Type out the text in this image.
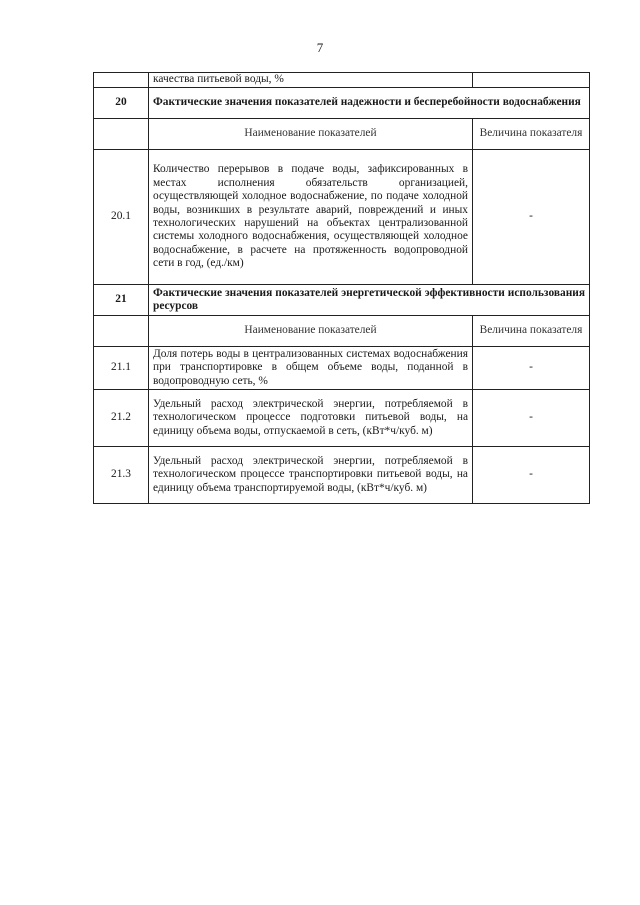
7
	качества питьевой воды, %	
20	Фактические значения показателей надежности и бесперебойности водоснабжения	
	Наименование показателей	Величина показателя
20.1	Количество перерывов в подаче воды, зафиксированных в местах исполнения обязательств организацией, осуществляющей холодное водоснабжение, по подаче холодной воды, возникших в результате аварий, повреждений и иных технологических нарушений на объектах централизованной системы холодного водоснабжения, осуществляющей холодное водоснабжение, в расчете на протяженность водопроводной сети в год, (ед./км)	-
21	Фактические значения показателей энергетической эффективности использования ресурсов	
	Наименование показателей	Величина показателя
21.1	Доля потерь воды в централизованных системах водоснабжения при транспортировке в общем объеме воды, поданной в водопроводную сеть, %	-
21.2	Удельный расход электрической энергии, потребляемой в технологическом процессе подготовки питьевой воды, на единицу объема воды, отпускаемой в сеть, (кВт*ч/куб. м)	-
21.3	Удельный расход электрической энергии, потребляемой в технологическом процессе транспортировки питьевой воды, на единицу объема транспортируемой воды, (кВт*ч/куб. м)	-
